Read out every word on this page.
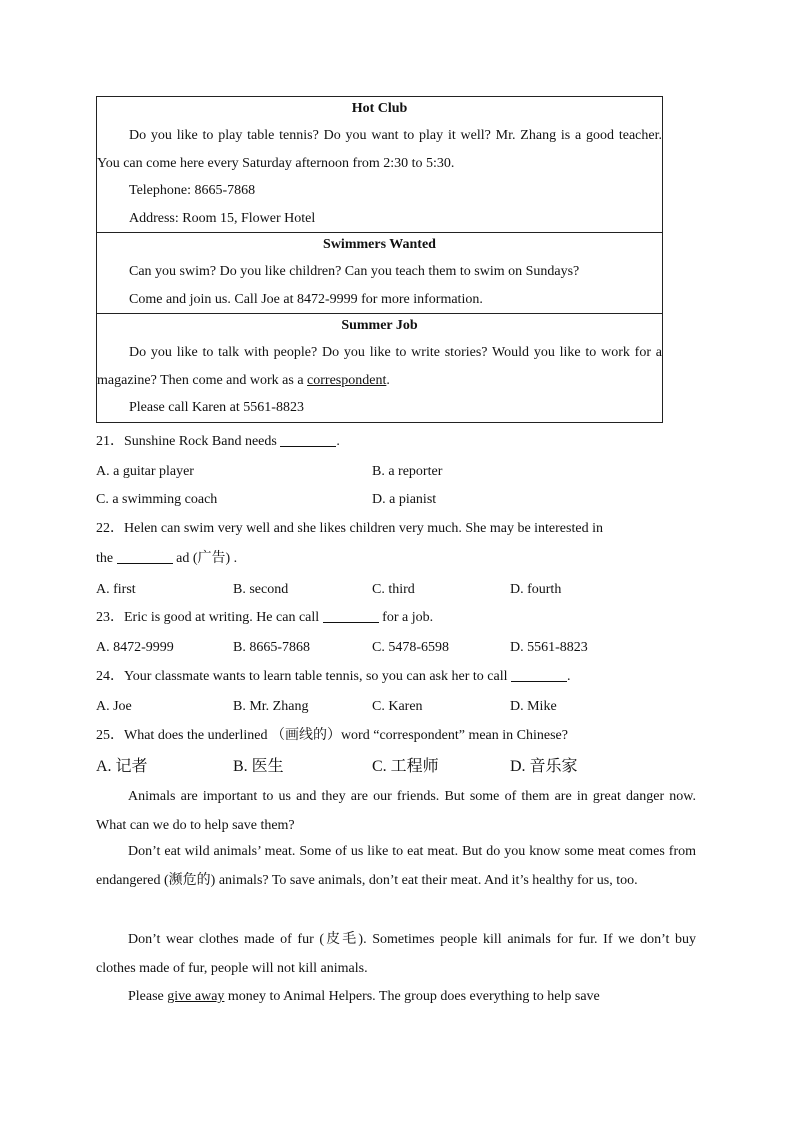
Hot Club

Do you like to play table tennis? Do you want to play it well? Mr. Zhang is a good teacher. You can come here every Saturday afternoon from 2:30 to 5:30.

Telephone: 8665-7868

Address: Room 15, Flower Hotel

Swimmers Wanted

Can you swim? Do you like children? Can you teach them to swim on Sundays?

Come and join us. Call Joe at 8472-9999 for more information.

Summer Job

Do you like to talk with people? Do you like to write stories? Would you like to work for a magazine? Then come and work as a correspondent.

Please call Karen at 5561-8823

21．Sunshine Rock Band needs	.
A. a guitar player	B. a reporter
C. a swimming coach	D. a pianist
22．Helen can swim very well and she likes children very much. She may be interested in
the	ad (广告) .
A. first	B. second	C. third	D. fourth
23．Eric is good at writing. He can call	for a job.
A. 8472-9999	B. 8665-7868	C. 5478-6598	D. 5561-8823
24．Your classmate wants to learn table tennis, so you can ask her to call	.
A. Joe	B. Mr. Zhang	C. Karen	D. Mike
25．What does the underlined （画线的）word “correspondent” mean in Chinese?
A. 记者	B. 医生	C. 工程师	D. 音乐家

Animals are important to us and they are our friends. But some of them are in great danger now. What can we do to help save them?

Don’t eat wild animals’ meat. Some of us like to eat meat. But do you know some meat comes from endangered (濒危的) animals? To save animals, don’t eat their meat. And it’s healthy for us, too.

Don’t wear clothes made of fur (皮毛). Sometimes people kill animals for fur. If we don’t buy clothes made of fur, people will not kill animals.

Please give away money to Animal Helpers. The group does everything to help save
